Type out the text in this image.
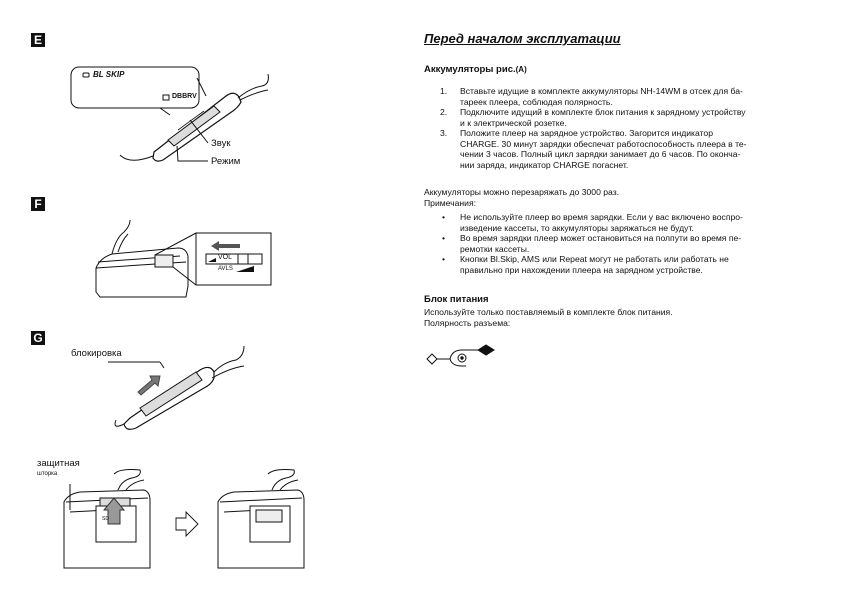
E
F
G
SD
BL SKIP
DBBRV
Звук
Режим
VOL
AVLS
блокировка
защитная
шторка
Перед началом эксплуатации
Аккумуляторы рис.(A)
1. Вставьте идущие в комплекте аккумуляторы NH-14WM в отсек для ба-
тареек плеера, соблюдая полярность.
2. Подключите идущий в комплекте блок питания к зарядному устройству
и к электрической розетке.
3. Положите плеер на зарядное устройство. Загорится индикатор
CHARGE. 30 минут зарядки обеспечат работоспособность плеера в те-
чении 3 часов. Полный цикл зарядки занимает до 6 часов. По оконча-
нии заряда, индикатор CHARGE погаснет.
Аккумуляторы можно перезаряжать до 3000 раз.
Примечания:
• Не используйте плеер во время зарядки. Если у вас включено воспро-
изведение кассеты, то аккумуляторы заряжаться не будут.
• Во время зарядки плеер может остановиться на полпути во время пе-
ремотки кассеты.
• Кнопки Bl.Skip, AMS или Repeat могут не работать или работать не
правильно при нахождении плеера на зарядном устройстве.
Блок питания
Используйте только поставляемый в комплекте блок питания.
Полярность разъема:
